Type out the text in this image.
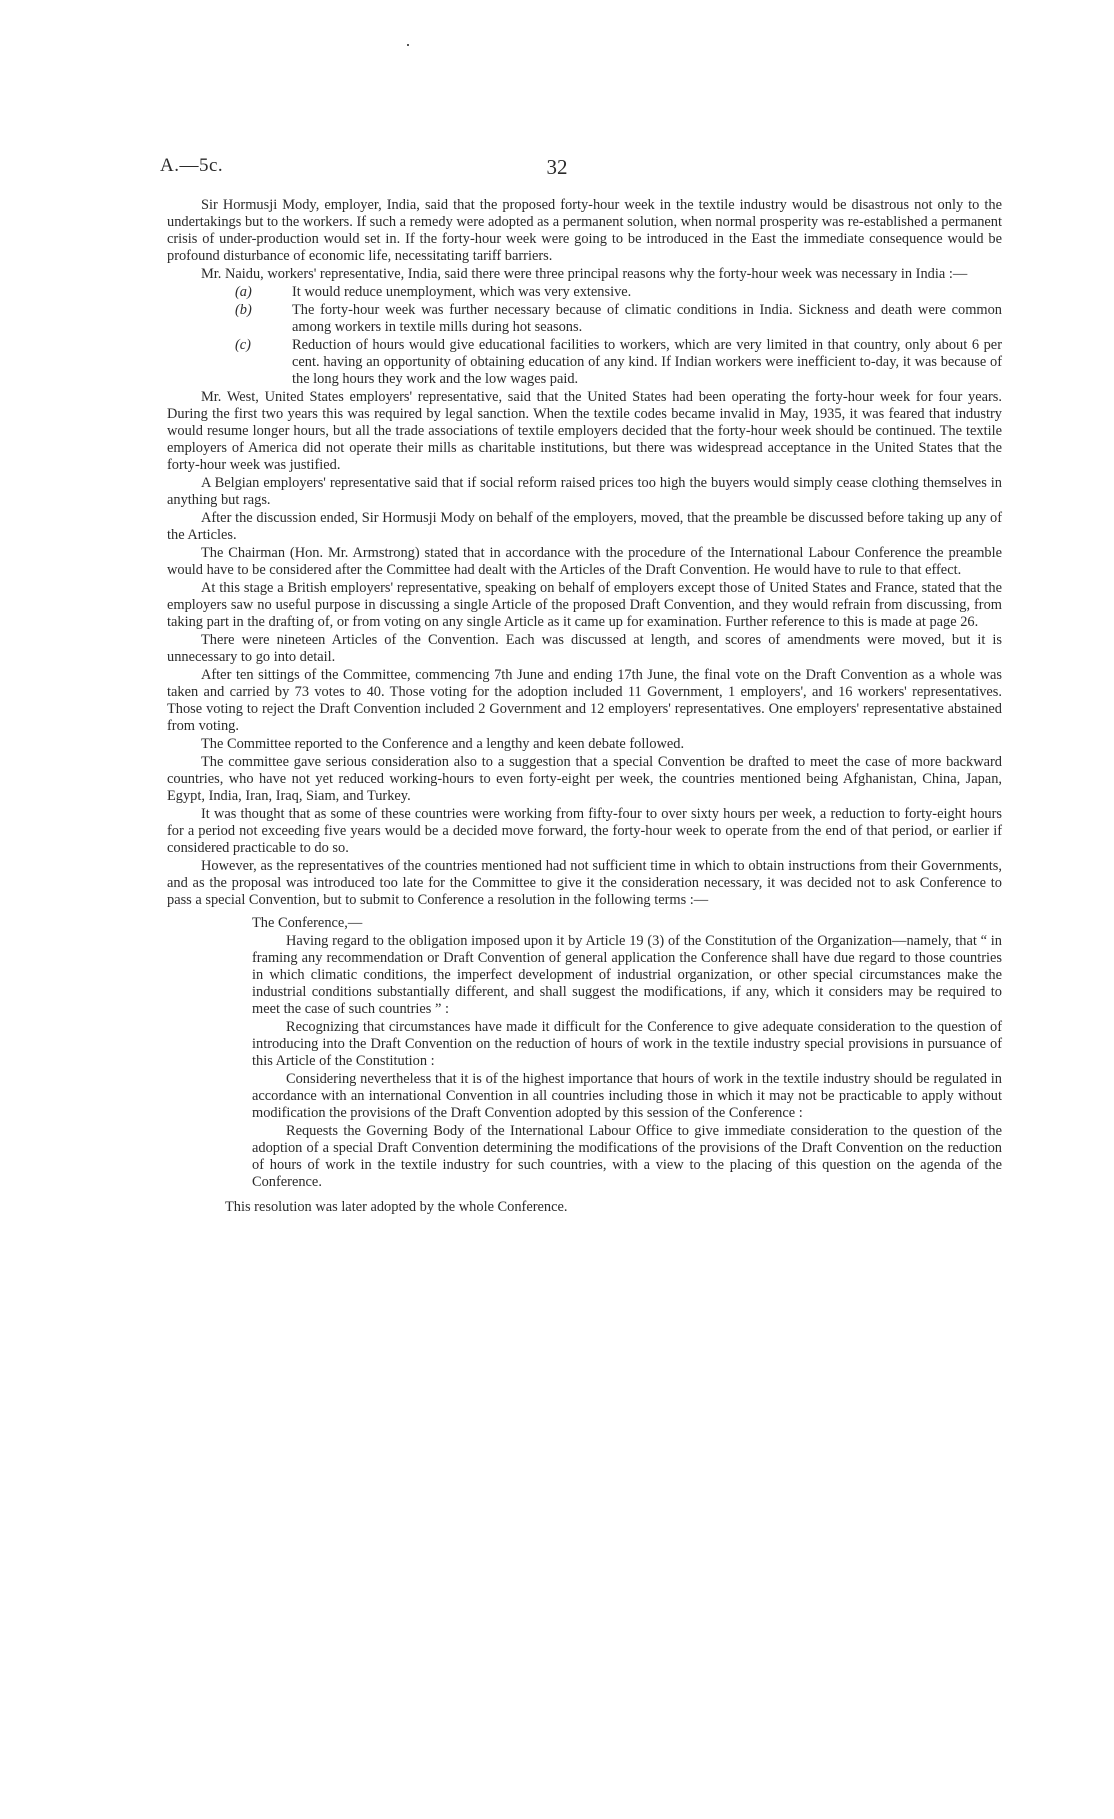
A.—5c.	32

Sir Hormusji Mody, employer, India, said that the proposed forty-hour week in the textile industry would be disastrous not only to the undertakings but to the workers. If such a remedy were adopted as a permanent solution, when normal prosperity was re-established a permanent crisis of under-production would set in. If the forty-hour week were going to be introduced in the East the immediate consequence would be profound disturbance of economic life, necessitating tariff barriers.

Mr. Naidu, workers' representative, India, said there were three principal reasons why the forty-hour week was necessary in India :—

(a)	It would reduce unemployment, which was very extensive.
(b)	The forty-hour week was further necessary because of climatic conditions in India. Sickness and death were common among workers in textile mills during hot seasons.
(c)	Reduction of hours would give educational facilities to workers, which are very limited in that country, only about 6 per cent. having an opportunity of obtaining education of any kind. If Indian workers were inefficient to-day, it was because of the long hours they work and the low wages paid.

Mr. West, United States employers' representative, said that the United States had been operating the forty-hour week for four years. During the first two years this was required by legal sanction. When the textile codes became invalid in May, 1935, it was feared that industry would resume longer hours, but all the trade associations of textile employers decided that the forty-hour week should be continued. The textile employers of America did not operate their mills as charitable institutions, but there was widespread acceptance in the United States that the forty-hour week was justified.

A Belgian employers' representative said that if social reform raised prices too high the buyers would simply cease clothing themselves in anything but rags.

After the discussion ended, Sir Hormusji Mody on behalf of the employers, moved, that the preamble be discussed before taking up any of the Articles.

The Chairman (Hon. Mr. Armstrong) stated that in accordance with the procedure of the International Labour Conference the preamble would have to be considered after the Committee had dealt with the Articles of the Draft Convention. He would have to rule to that effect.

At this stage a British employers' representative, speaking on behalf of employers except those of United States and France, stated that the employers saw no useful purpose in discussing a single Article of the proposed Draft Convention, and they would refrain from discussing, from taking part in the drafting of, or from voting on any single Article as it came up for examination. Further reference to this is made at page 26.

There were nineteen Articles of the Convention. Each was discussed at length, and scores of amendments were moved, but it is unnecessary to go into detail.

After ten sittings of the Committee, commencing 7th June and ending 17th June, the final vote on the Draft Convention as a whole was taken and carried by 73 votes to 40. Those voting for the adoption included 11 Government, 1 employers', and 16 workers' representatives. Those voting to reject the Draft Convention included 2 Government and 12 employers' representatives. One employers' representative abstained from voting.

The Committee reported to the Conference and a lengthy and keen debate followed.

The committee gave serious consideration also to a suggestion that a special Convention be drafted to meet the case of more backward countries, who have not yet reduced working-hours to even forty-eight per week, the countries mentioned being Afghanistan, China, Japan, Egypt, India, Iran, Iraq, Siam, and Turkey.

It was thought that as some of these countries were working from fifty-four to over sixty hours per week, a reduction to forty-eight hours for a period not exceeding five years would be a decided move forward, the forty-hour week to operate from the end of that period, or earlier if considered practicable to do so.

However, as the representatives of the countries mentioned had not sufficient time in which to obtain instructions from their Governments, and as the proposal was introduced too late for the Committee to give it the consideration necessary, it was decided not to ask Conference to pass a special Convention, but to submit to Conference a resolution in the following terms :—

The Conference,—

Having regard to the obligation imposed upon it by Article 19 (3) of the Constitution of the Organization—namely, that “ in framing any recommendation or Draft Convention of general application the Conference shall have due regard to those countries in which climatic conditions, the imperfect development of industrial organization, or other special circumstances make the industrial conditions substantially different, and shall suggest the modifications, if any, which it considers may be required to meet the case of such countries ” :

Recognizing that circumstances have made it difficult for the Conference to give adequate consideration to the question of introducing into the Draft Convention on the reduction of hours of work in the textile industry special provisions in pursuance of this Article of the Constitution :

Considering nevertheless that it is of the highest importance that hours of work in the textile industry should be regulated in accordance with an international Convention in all countries including those in which it may not be practicable to apply without modification the provisions of the Draft Convention adopted by this session of the Conference :

Requests the Governing Body of the International Labour Office to give immediate consideration to the question of the adoption of a special Draft Convention determining the modifications of the provisions of the Draft Convention on the reduction of hours of work in the textile industry for such countries, with a view to the placing of this question on the agenda of the Conference.

This resolution was later adopted by the whole Conference.
